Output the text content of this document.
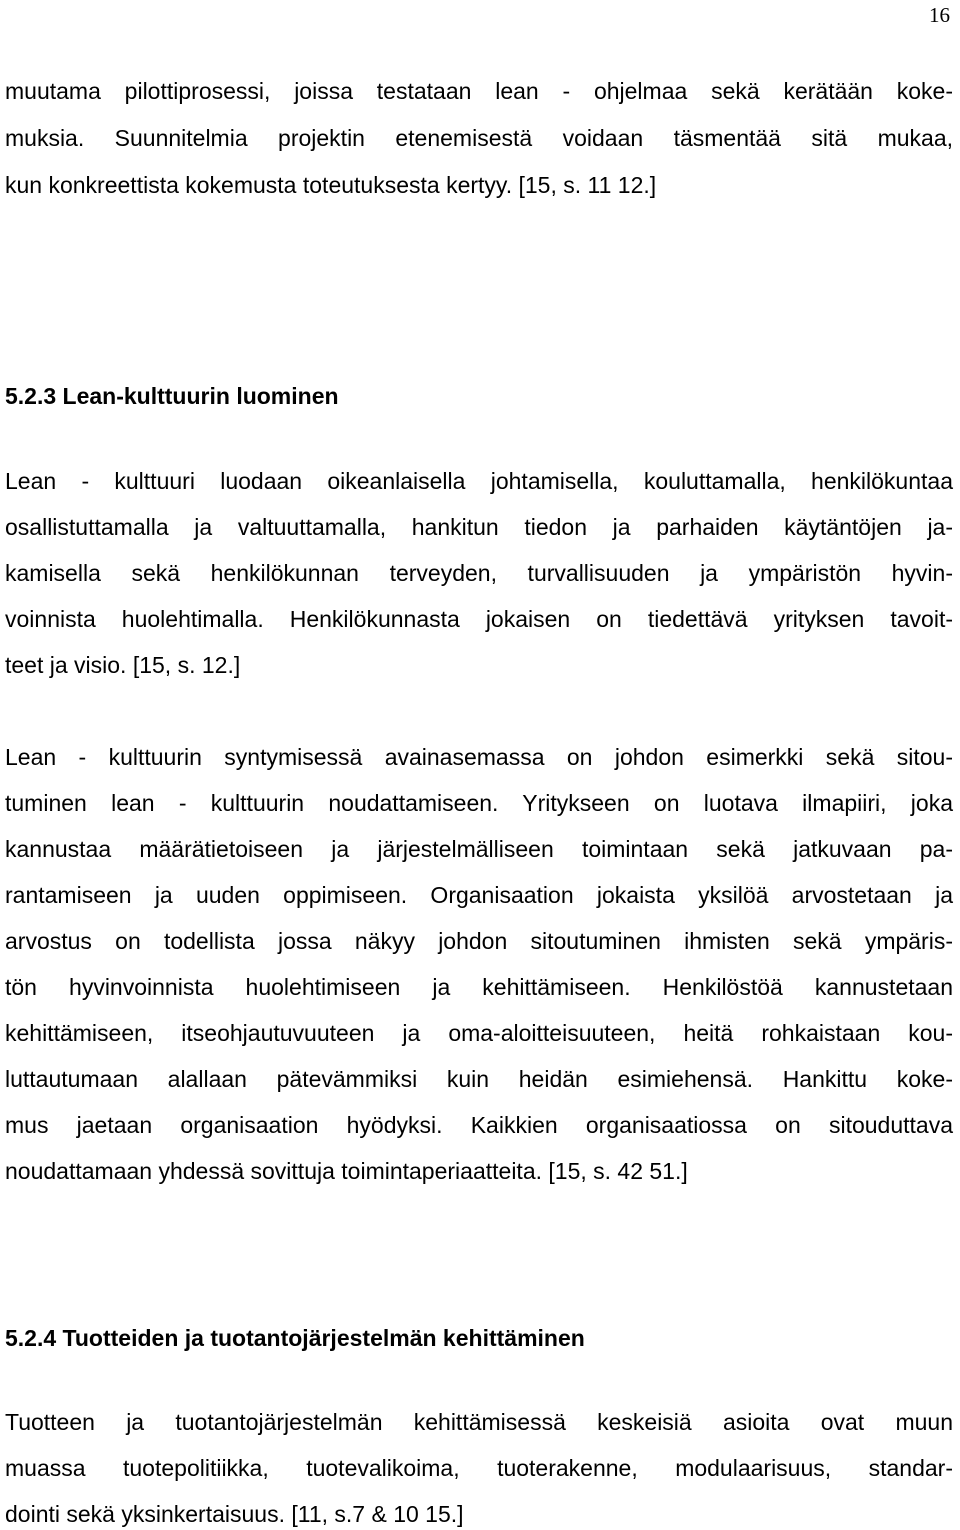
16
muutama pilottiprosessi, joissa testataan lean - ohjelmaa sekä kerätään koke-
muksia. Suunnitelmia projektin etenemisestä voidaan täsmentää sitä mukaa,
kun konkreettista kokemusta toteutuksesta kertyy. [15, s. 11 12.]
5.2.3 Lean-kulttuurin luominen
Lean - kulttuuri luodaan oikeanlaisella johtamisella, kouluttamalla, henkilökuntaa
osallistuttamalla ja valtuuttamalla, hankitun tiedon ja parhaiden käytäntöjen ja-
kamisella sekä henkilökunnan terveyden, turvallisuuden ja ympäristön hyvin-
voinnista huolehtimalla. Henkilökunnasta jokaisen on tiedettävä yrityksen tavoit-
teet ja visio. [15, s. 12.]
Lean - kulttuurin syntymisessä avainasemassa on johdon esimerkki sekä sitou-
tuminen lean - kulttuurin noudattamiseen. Yritykseen on luotava ilmapiiri, joka
kannustaa määrätietoiseen ja järjestelmälliseen toimintaan sekä jatkuvaan pa-
rantamiseen ja uuden oppimiseen. Organisaation jokaista yksilöä arvostetaan ja
arvostus on todellista jossa näkyy johdon sitoutuminen ihmisten sekä ympäris-
tön hyvinvoinnista huolehtimiseen ja kehittämiseen. Henkilöstöä kannustetaan
kehittämiseen, itseohjautuvuuteen ja oma-aloitteisuuteen, heitä rohkaistaan kou-
luttautumaan alallaan pätevämmiksi kuin heidän esimiehensä. Hankittu koke-
mus jaetaan organisaation hyödyksi. Kaikkien organisaatiossa on sitouduttava
noudattamaan yhdessä sovittuja toimintaperiaatteita. [15, s. 42 51.]
5.2.4 Tuotteiden ja tuotantojärjestelmän kehittäminen
Tuotteen ja tuotantojärjestelmän kehittämisessä keskeisiä asioita ovat muun
muassa tuotepolitiikka, tuotevalikoima, tuoterakenne, modulaarisuus, standar-
dointi sekä yksinkertaisuus. [11, s.7 & 10 15.]
